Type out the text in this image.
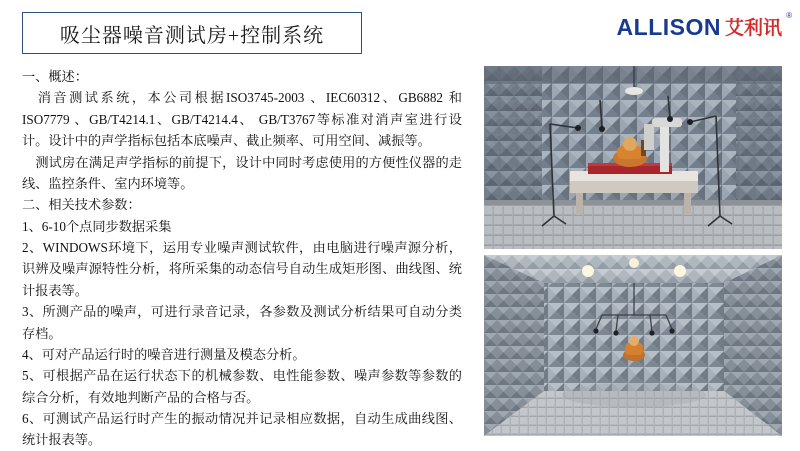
吸尘器噪音测试房+控制系统	ALLISON 艾利讯
®

一、概述：

　消音测试系统，本公司根据ISO3745-2003 、IEC60312、GB6882 和ISO7779 、GB/T4214.1、GB/T4214.4、 GB/T3767等标准对消声室进行设计。设计中的声学指标包括本底噪声、截止频率、可用空间、减振等。

　测试房在满足声学指标的前提下，设计中同时考虑使用的方便性仪器的走线、监控条件、室内环境等。

二、相关技术参数：

1、6-10个点同步数据采集

2、WINDOWS环境下，运用专业噪声测试软件，由电脑进行噪声源分析，识辨及噪声源特性分析，将所采集的动态信号自动生成矩形图、曲线图、统计报表等。

3、所测产品的噪声，可进行录音记录，各参数及测试分析结果可自动分类存档。

4、可对产品运行时的噪音进行测量及模态分析。

5、可根据产品在运行状态下的机械参数、电性能参数、噪声参数等参数的综合分析，有效地判断产品的合格与否。

6、可测试产品运行时产生的振动情况并记录相应数据，自动生成曲线图、统计报表等。
